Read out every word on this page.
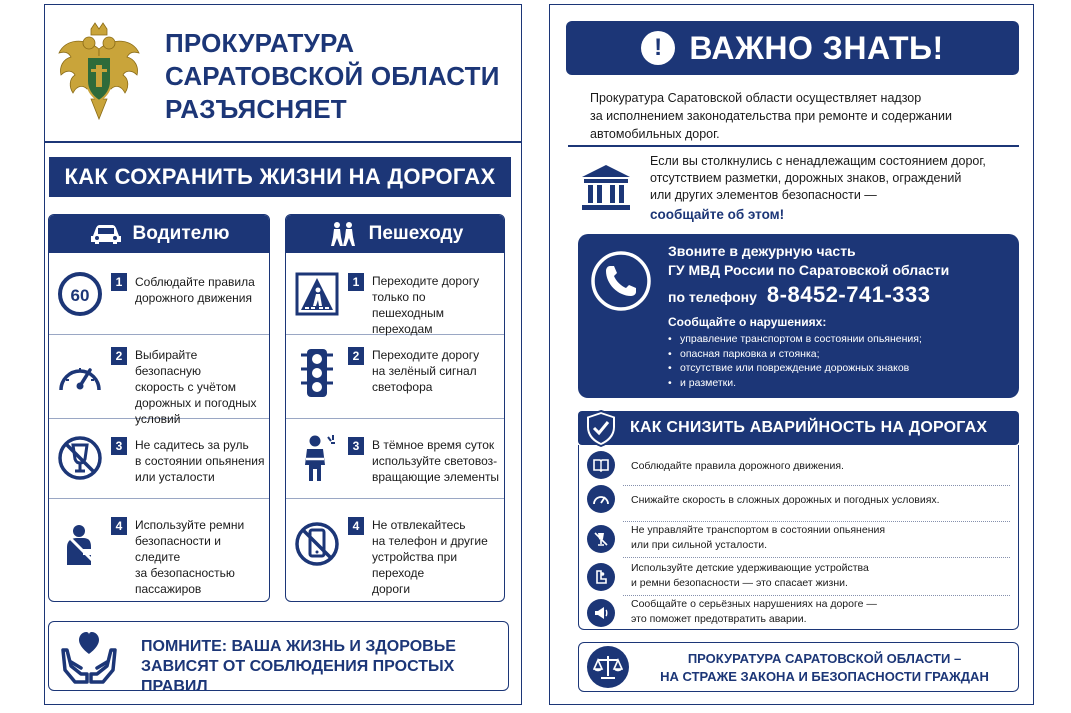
ПРОКУРАТУРА
САРАТОВСКОЙ ОБЛАСТИ
РАЗЪЯСНЯЕТ
КАК СОХРАНИТЬ ЖИЗНИ НА ДОРОГАХ
Водителю
60
1	Соблюдайте правила
дорожного движения
2	Выбирайте безопасную
скорость с учётом
дорожных и погодных
условий
3	Не садитесь за руль
в состоянии опьянения
или усталости
4	Используйте ремни
безопасности и следите
за безопасностью
пассажиров
Пешеходу
1	Переходите дорогу
только по пешеходным
переходам
2	Переходите дорогу
на зелёный сигнал
светофора
3	В тёмное время суток
используйте световоз-
вращающие элементы
4	Не отвлекайтесь
на телефон и другие
устройства при переходе
дороги
ПОМНИТЕ: ВАША ЖИЗНЬ И ЗДОРОВЬЕ
ЗАВИСЯТ ОТ СОБЛЮДЕНИЯ ПРОСТЫХ ПРАВИЛ
! ВАЖНО ЗНАТЬ!
Прокуратура Саратовской области осуществляет надзор
за исполнением законодательства при ремонте и содержании
автомобильных дорог.
Если вы столкнулись с ненадлежащим состоянием дорог,
отсутствием разметки, дорожных знаков, ограждений
или других элементов безопасности —
сообщайте об этом!
Звоните в дежурную часть
ГУ МВД России по Саратовской области
по телефону 8-8452-741-333
Сообщайте о нарушениях:
• управление транспортом в состоянии опьянения;
• опасная парковка и стоянка;
• отсутствие или повреждение дорожных знаков
• и разметки.
КАК СНИЗИТЬ АВАРИЙНОСТЬ НА ДОРОГАХ
Соблюдайте правила дорожного движения.
Снижайте скорость в сложных дорожных и погодных условиях.
Не управляйте транспортом в состоянии опьянения
или при сильной усталости.
Используйте детские удерживающие устройства
и ремни безопасности — это спасает жизни.
Сообщайте о серьёзных нарушениях на дороге —
это поможет предотвратить аварии.
ПРОКУРАТУРА САРАТОВСКОЙ ОБЛАСТИ –
НА СТРАЖЕ ЗАКОНА И БЕЗОПАСНОСТИ ГРАЖДАН
